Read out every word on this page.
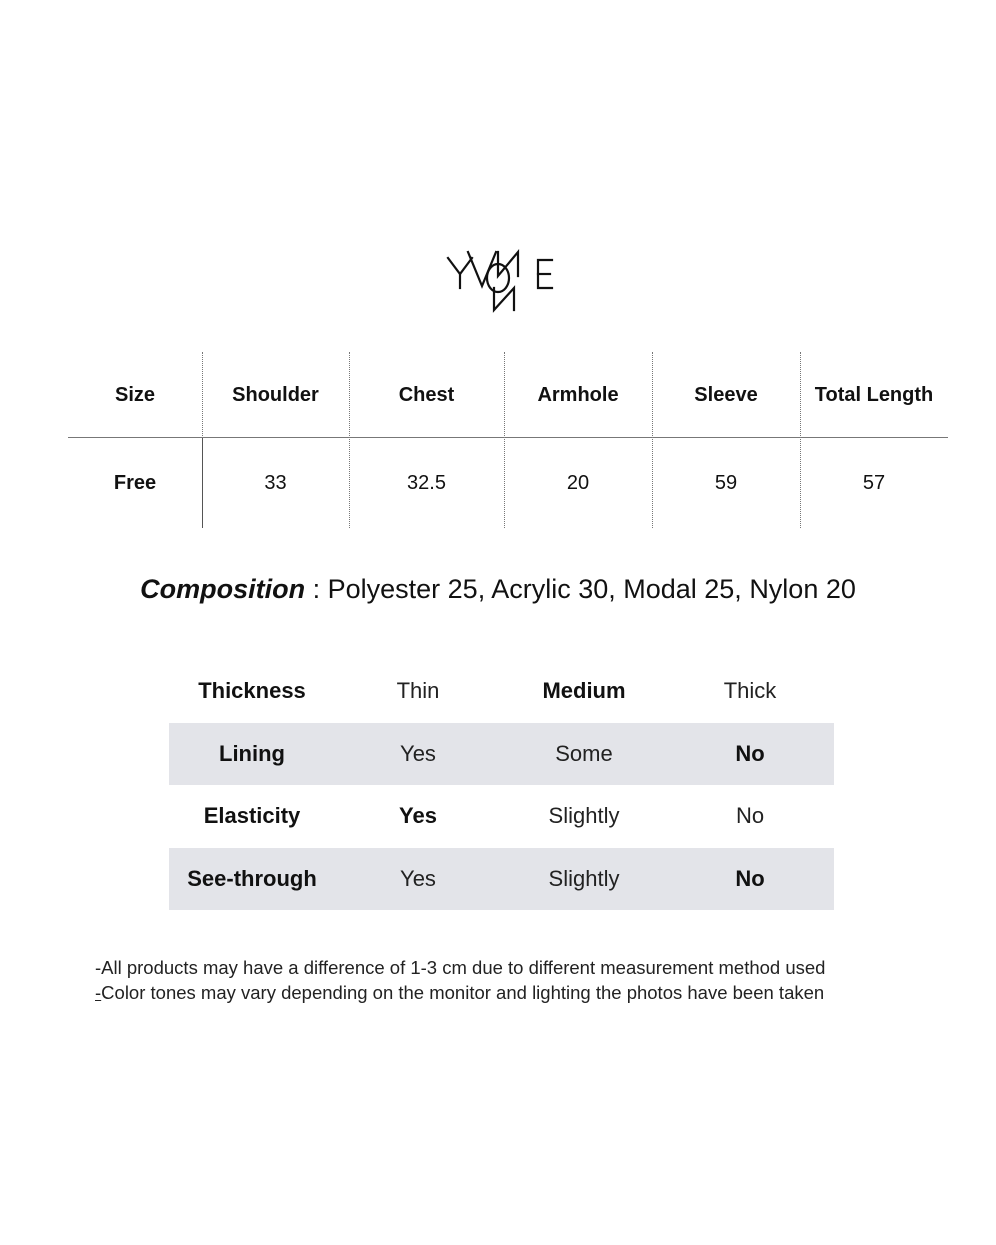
Size	Shoulder	Chest	Armhole	Sleeve	Total Length
Free	33	32.5	20	59	57
Composition : Polyester 25, Acrylic 30, Modal 25, Nylon 20
Thickness	Thin	Medium	Thick
Lining	Yes	Some	No
Elasticity	Yes	Slightly	No
See-through	Yes	Slightly	No
-All products may have a difference of 1-3 cm due to different measurement method used
-Color tones may vary depending on the monitor and lighting the photos have been taken
